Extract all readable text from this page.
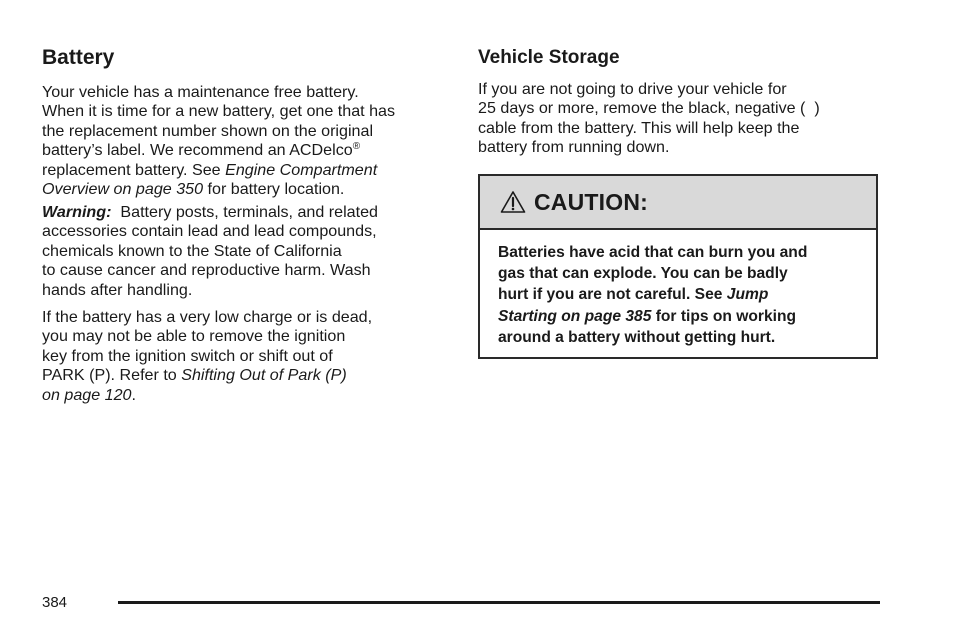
Battery

Your vehicle has a maintenance free battery.
When it is time for a new battery, get one that has
the replacement number shown on the original
battery’s label. We recommend an ACDelco®
replacement battery. See Engine Compartment
Overview on page 350 for battery location.

Warning:  Battery posts, terminals, and related
accessories contain lead and lead compounds,
chemicals known to the State of California
to cause cancer and reproductive harm. Wash
hands after handling.

If the battery has a very low charge or is dead,
you may not be able to remove the ignition
key from the ignition switch or shift out of
PARK (P). Refer to Shifting Out of Park (P)
on page 120.

Vehicle Storage

If you are not going to drive your vehicle for
25 days or more, remove the black, negative (  )
cable from the battery. This will help keep the
battery from running down.

CAUTION:
Batteries have acid that can burn you and
gas that can explode. You can be badly
hurt if you are not careful. See Jump
Starting on page 385 for tips on working
around a battery without getting hurt.
384
